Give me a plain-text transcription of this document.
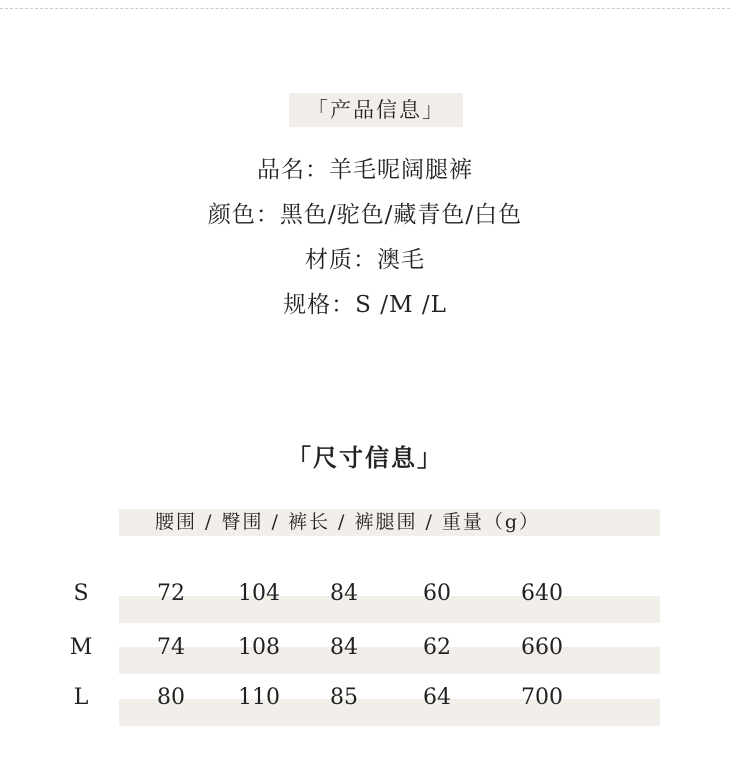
「产品信息」
品名：羊毛呢阔腿裤
颜色：黑色/驼色/藏青色/白色
材质：澳毛
规格：S /M /L
「尺寸信息」
腰围 / 臀围 / 裤长 / 裤腿围 / 重量（g）
S	72	104	84	60	640
M	74	108	84	62	660
L	80	110	85	64	700
